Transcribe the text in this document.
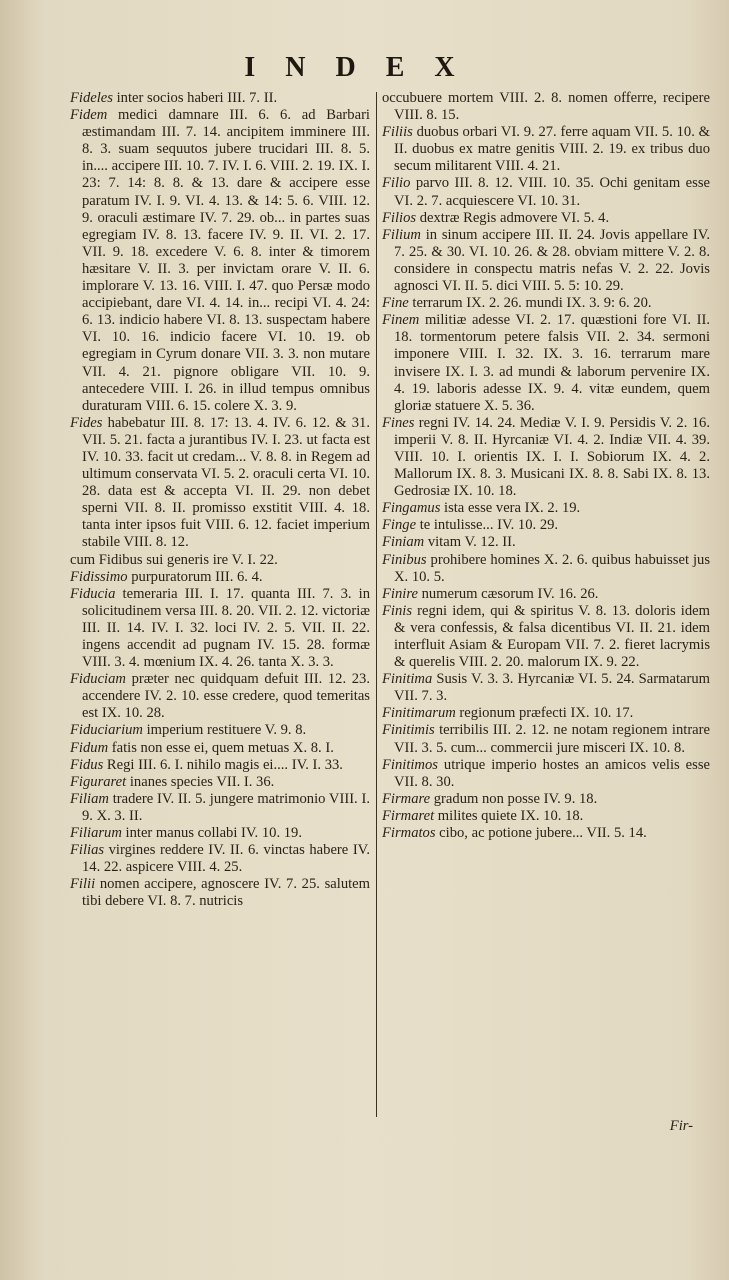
INDEX

Fideles inter socios haberi III. 7. II.

Fidem medici damnare III. 6. 6. ad Barbari æstimandam III. 7. 14. ancipitem imminere III. 8. 3. suam sequutos jubere trucidari III. 8. 5. in.... accipere III. 10. 7. IV. I. 6. VIII. 2. 19. IX. I. 23: 7. 14: 8. 8. & 13. dare & accipere esse paratum IV. I. 9. VI. 4. 13. & 14: 5. 6. VIII. 12. 9. oraculi æstimare IV. 7. 29. ob... in partes suas egregiam IV. 8. 13. facere IV. 9. II. VI. 2. 17. VII. 9. 18. excedere V. 6. 8. inter & timorem hæsitare V. II. 3. per invictam orare V. II. 6. implorare V. 13. 16. VIII. I. 47. quo Persæ modo accipiebant, dare VI. 4. 14. in... recipi VI. 4. 24: 6. 13. indicio habere VI. 8. 13. suspectam habere VI. 10. 16. indicio facere VI. 10. 19. ob egregiam in Cyrum donare VII. 3. 3. non mutare VII. 4. 21. pignore obligare VII. 10. 9. antecedere VIII. I. 26. in illud tempus omnibus duraturam VIII. 6. 15. colere X. 3. 9.

Fides habebatur III. 8. 17: 13. 4. IV. 6. 12. & 31. VII. 5. 21. facta a jurantibus IV. I. 23. ut facta est IV. 10. 33. facit ut credam... V. 8. 8. in Regem ad ultimum conservata VI. 5. 2. oraculi certa VI. 10. 28. data est & accepta VI. II. 29. non debet sperni VII. 8. II. promisso exstitit VIII. 4. 18. tanta inter ipsos fuit VIII. 6. 12. faciet imperium stabile VIII. 8. 12.

cum Fidibus sui generis ire V. I. 22.

Fidissimo purpuratorum III. 6. 4.

Fiducia temeraria III. I. 17. quanta III. 7. 3. in solicitudinem versa III. 8. 20. VII. 2. 12. victoriæ III. II. 14. IV. I. 32. loci IV. 2. 5. VII. II. 22. ingens accendit ad pugnam IV. 15. 28. formæ VIII. 3. 4. mœnium IX. 4. 26. tanta X. 3. 3.

Fiduciam præter nec quidquam defuit III. 12. 23. accendere IV. 2. 10. esse credere, quod temeritas est IX. 10. 28.

Fiduciarium imperium restituere V. 9. 8.

Fidum fatis non esse ei, quem metuas X. 8. I.

Fidus Regi III. 6. I. nihilo magis ei.... IV. I. 33.

Figuraret inanes species VII. I. 36.

Filiam tradere IV. II. 5. jungere matrimonio VIII. I. 9. X. 3. II.

Filiarum inter manus collabi IV. 10. 19.

Filias virgines reddere IV. II. 6. vinctas habere IV. 14. 22. aspicere VIII. 4. 25.

Filii nomen accipere, agnoscere IV. 7. 25. salutem tibi debere VI. 8. 7. nutricis

occubuere mortem VIII. 2. 8. nomen offerre, recipere VIII. 8. 15.

Filiis duobus orbari VI. 9. 27. ferre aquam VII. 5. 10. & II. duobus ex matre genitis VIII. 2. 19. ex tribus duo secum militarent VIII. 4. 21.

Filio parvo III. 8. 12. VIII. 10. 35. Ochi genitam esse VI. 2. 7. acquiescere VI. 10. 31.

Filios dextræ Regis admovere VI. 5. 4.

Filium in sinum accipere III. II. 24. Jovis appellare IV. 7. 25. & 30. VI. 10. 26. & 28. obviam mittere V. 2. 8. considere in conspectu matris nefas V. 2. 22. Jovis agnosci VI. II. 5. dici VIII. 5. 5: 10. 29.

Fine terrarum IX. 2. 26. mundi IX. 3. 9: 6. 20.

Finem militiæ adesse VI. 2. 17. quæstioni fore VI. II. 18. tormentorum petere falsis VII. 2. 34. sermoni imponere VIII. I. 32. IX. 3. 16. terrarum mare invisere IX. I. 3. ad mundi & laborum pervenire IX. 4. 19. laboris adesse IX. 9. 4. vitæ eundem, quem gloriæ statuere X. 5. 36.

Fines regni IV. 14. 24. Mediæ V. I. 9. Persidis V. 2. 16. imperii V. 8. II. Hyrcaniæ VI. 4. 2. Indiæ VII. 4. 39. VIII. 10. I. orientis IX. I. I. Sobiorum IX. 4. 2. Mallorum IX. 8. 3. Musicani IX. 8. 8. Sabi IX. 8. 13. Gedrosiæ IX. 10. 18.

Fingamus ista esse vera IX. 2. 19.

Finge te intulisse... IV. 10. 29.

Finiam vitam V. 12. II.

Finibus prohibere homines X. 2. 6. quibus habuisset jus X. 10. 5.

Finire numerum cæsorum IV. 16. 26.

Finis regni idem, qui & spiritus V. 8. 13. doloris idem & vera confessis, & falsa dicentibus VI. II. 21. idem interfluit Asiam & Europam VII. 7. 2. fieret lacrymis & querelis VIII. 2. 20. malorum IX. 9. 22.

Finitima Susis V. 3. 3. Hyrcaniæ VI. 5. 24. Sarmatarum VII. 7. 3.

Finitimarum regionum præfecti IX. 10. 17.

Finitimis terribilis III. 2. 12. ne notam regionem intrare VII. 3. 5. cum... commercii jure misceri IX. 10. 8.

Finitimos utrique imperio hostes an amicos velis esse VII. 8. 30.

Firmare gradum non posse IV. 9. 18.

Firmaret milites quiete IX. 10. 18.

Firmatos cibo, ac potione jubere... VII. 5. 14.

Fir-
